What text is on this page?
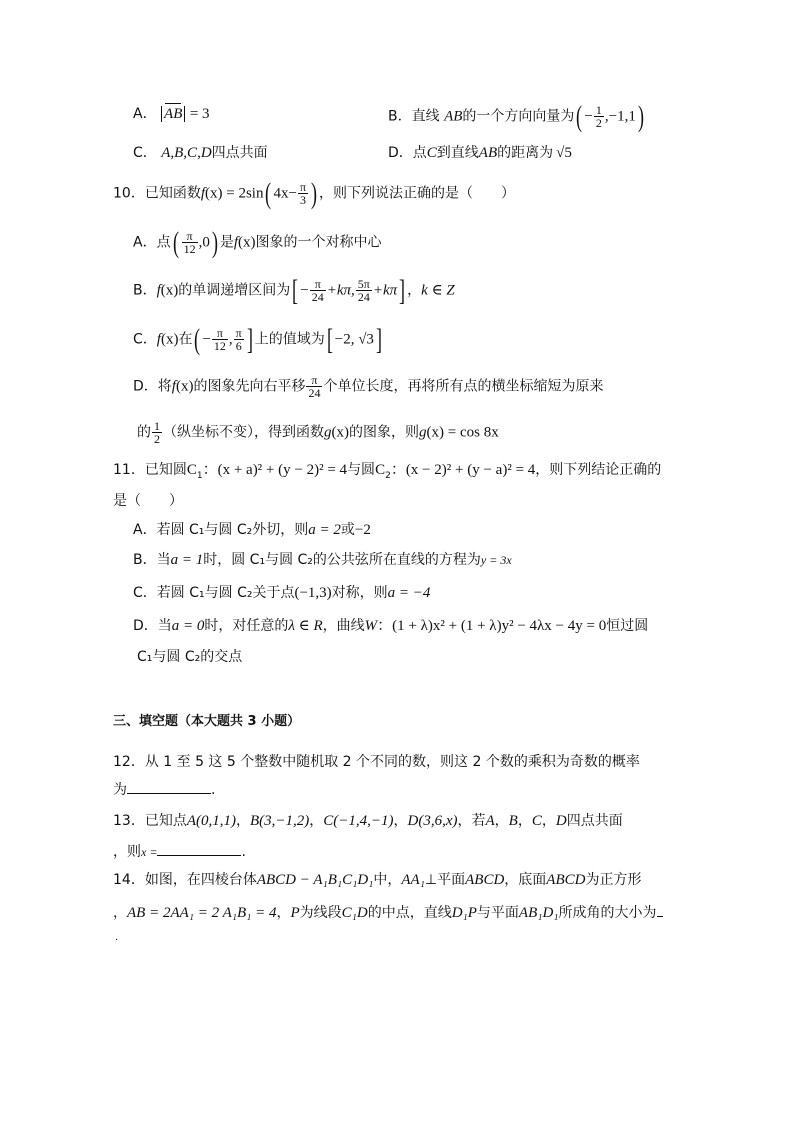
A． AB = 3	B．直线 AB的一个方向向量为( − $\frac{1}{2} ,-1,1$)
C． A,B,C,D四点共面	D．点C到直线AB的距离为 √5
10．已知函数f(x) = 2sin( $4x- \frac{\pi}{3}$ ) ，则下列说法正确的是（　　）
A．点( $\frac{\pi}{12} ,0$) 是f(x)图象的一个对称中心
B．f(x)的单调递增区间为[ − $\frac{\pi}{24} +k\pi$, $\frac{5\pi}{24} +k\pi$] ，k ∈ Z
C．f(x)在( − $\frac{\pi}{12}$ , $\frac{\pi}{6}$ ] 上的值域为[ −2, √3]
D．将f(x)的图象先向右平移 $\frac{\pi}{24}$ 个单位长度，再将所有点的横坐标缩短为原来
的 $\frac{1}{2}$ （纵坐标不变），得到函数g(x)的图象，则g(x) = cos 8x
11．已知圆$C_1$：(x + a)² + (y − 2)² = 4与圆$C_2$：(x − 2)² + (y − a)² = 4，则下列结论正确的
是（　　）
A．若圆 C₁与圆 C₂外切，则a = 2或−2
B．当a = 1时，圆 C₁与圆 C₂的公共弦所在直线的方程为y = 3x
C．若圆 C₁与圆 C₂关于点(−1,3)对称，则a = −4
D．当a = 0时，对任意的λ ∈ R，曲线W：(1 + λ)x² + (1 + λ)y² − 4λx − 4y = 0恒过圆
C₁与圆 C₂的交点
三、填空题（本大题共 3 小题）
12．从 1 至 5 这 5 个整数中随机取 2 个不同的数，则这 2 个数的乘积为奇数的概率
为	.
13．已知点A(0,1,1)，B(3,−1,2)，C(−1,4,−1)，D(3,6,x)，若A，B，C，D四点共面
，则x =	.
14．如图，在四棱台体ABCD − A₁B₁C₁D₁中，AA₁⊥平面ABCD，底面ABCD为正方形
，AB = 2AA₁ = 2 A₁B₁ = 4，P为线段C₁D的中点，直线D₁P与平面AB₁D₁所成角的大小为
.
